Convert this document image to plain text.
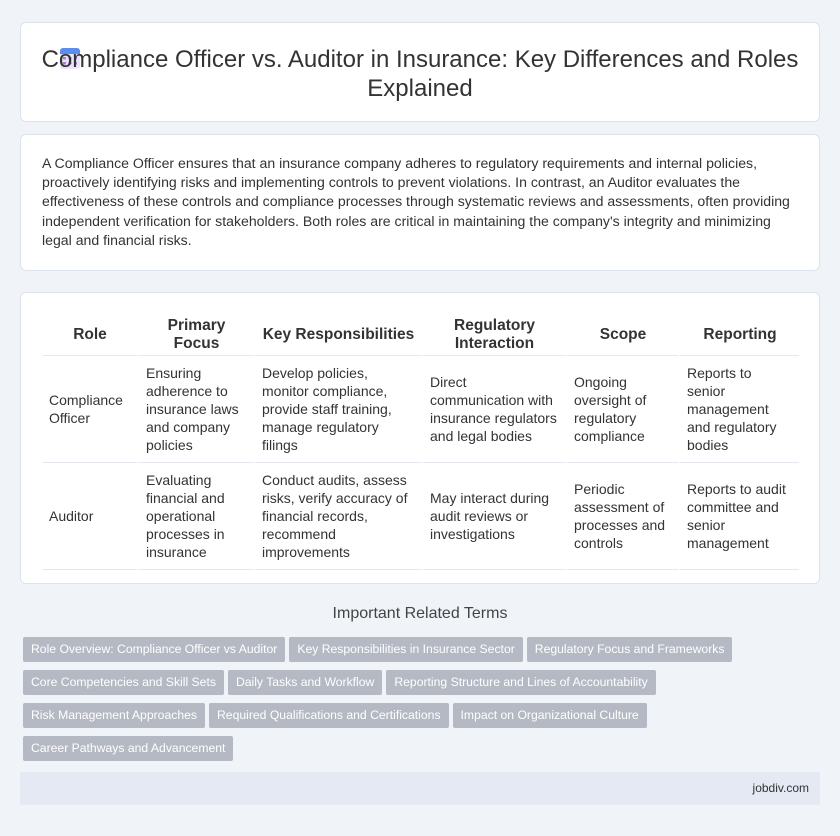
Compliance Officer vs. Auditor in Insurance: Key Differences and Roles Explained

A Compliance Officer ensures that an insurance company adheres to regulatory requirements and internal policies, proactively identifying risks and implementing controls to prevent violations. In contrast, an Auditor evaluates the effectiveness of these controls and compliance processes through systematic reviews and assessments, often providing independent verification for stakeholders. Both roles are critical in maintaining the company's integrity and minimizing legal and financial risks.

Role	Primary Focus	Key Responsibilities	Regulatory Interaction	Scope	Reporting
Compliance Officer	Ensuring adherence to insurance laws and company policies	Develop policies, monitor compliance, provide staff training, manage regulatory filings	Direct communication with insurance regulators and legal bodies	Ongoing oversight of regulatory compliance	Reports to senior management and regulatory bodies
Auditor	Evaluating financial and operational processes in insurance	Conduct audits, assess risks, verify accuracy of financial records, recommend improvements	May interact during audit reviews or investigations	Periodic assessment of processes and controls	Reports to audit committee and senior management
Important Related Terms
Role Overview: Compliance Officer vs Auditor Key Responsibilities in Insurance Sector Regulatory Focus and Frameworks
Core Competencies and Skill Sets Daily Tasks and Workflow Reporting Structure and Lines of Accountability
Risk Management Approaches Required Qualifications and Certifications Impact on Organizational Culture
Career Pathways and Advancement
jobdiv.com
